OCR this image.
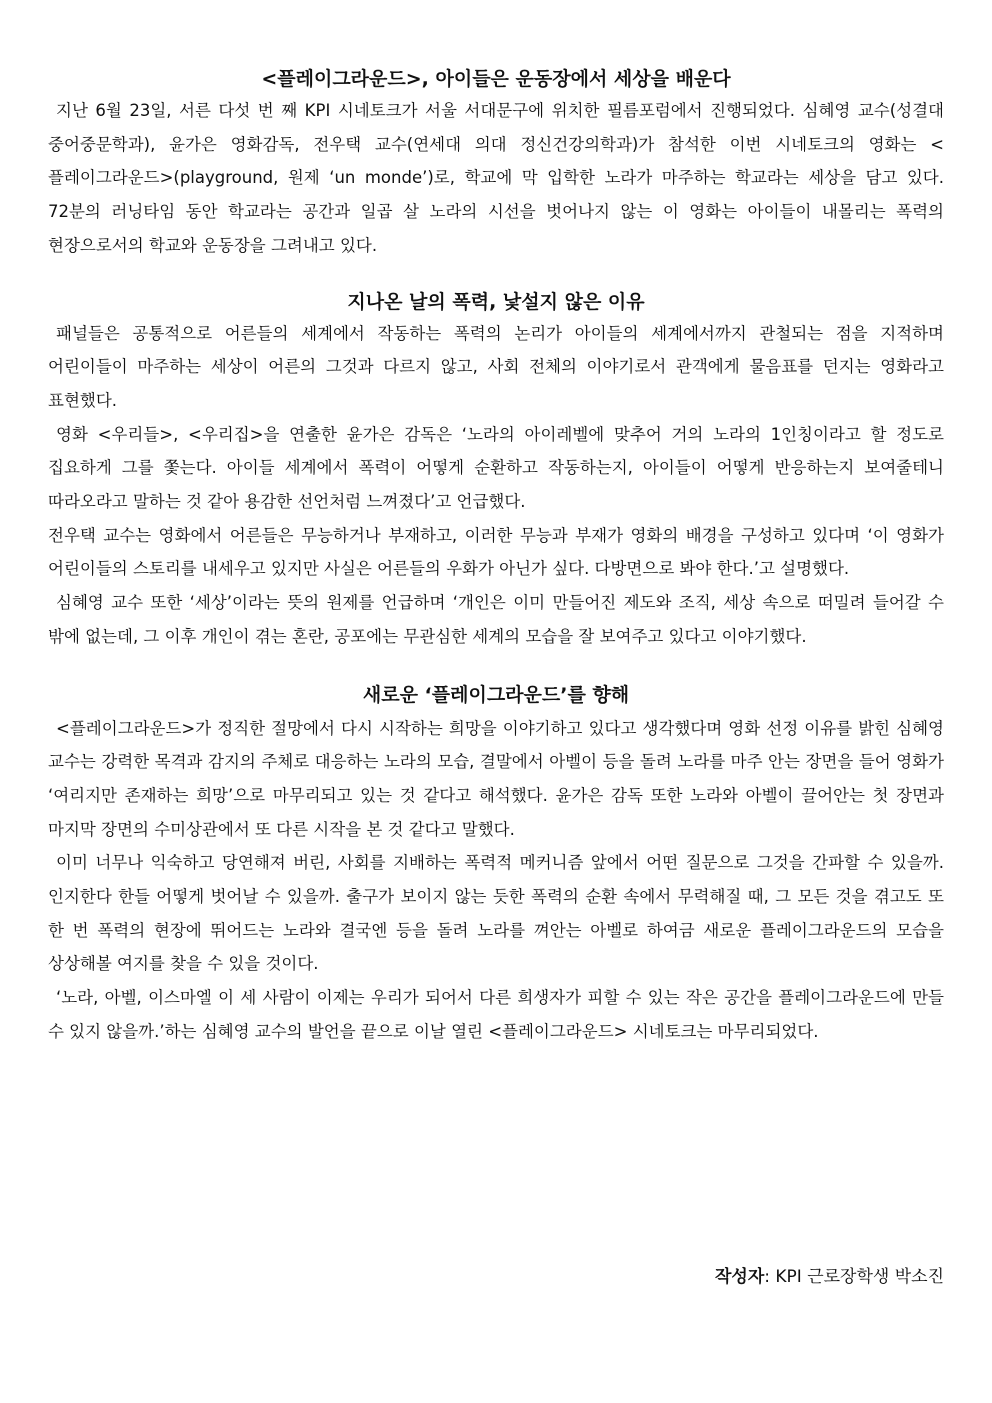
<플레이그라운드>, 아이들은 운동장에서 세상을 배운다

지난 6월 23일, 서른 다섯 번 째 KPI 시네토크가 서울 서대문구에 위치한 필름포럼에서 진행되었다. 심혜영 교수(성결대 중어중문학과), 윤가은 영화감독, 전우택 교수(연세대 의대 정신건강의학과)가 참석한 이번 시네토크의 영화는 <플레이그라운드>(playground, 원제 ‘un monde’)로, 학교에 막 입학한 노라가 마주하는 학교라는 세상을 담고 있다. 72분의 러닝타임 동안 학교라는 공간과 일곱 살 노라의 시선을 벗어나지 않는 이 영화는 아이들이 내몰리는 폭력의 현장으로서의 학교와 운동장을 그려내고 있다.

지나온 날의 폭력, 낯설지 않은 이유

패널들은 공통적으로 어른들의 세계에서 작동하는 폭력의 논리가 아이들의 세계에서까지 관철되는 점을 지적하며 어린이들이 마주하는 세상이 어른의 그것과 다르지 않고, 사회 전체의 이야기로서 관객에게 물음표를 던지는 영화라고 표현했다.

영화 <우리들>, <우리집>을 연출한 윤가은 감독은 ‘노라의 아이레벨에 맞추어 거의 노라의 1인칭이라고 할 정도로 집요하게 그를 쫓는다. 아이들 세계에서 폭력이 어떻게 순환하고 작동하는지, 아이들이 어떻게 반응하는지 보여줄테니 따라오라고 말하는 것 같아 용감한 선언처럼 느껴졌다’고 언급했다.

전우택 교수는 영화에서 어른들은 무능하거나 부재하고, 이러한 무능과 부재가 영화의 배경을 구성하고 있다며 ‘이 영화가 어린이들의 스토리를 내세우고 있지만 사실은 어른들의 우화가 아닌가 싶다. 다방면으로 봐야 한다.’고 설명했다.

심혜영 교수 또한 ‘세상’이라는 뜻의 원제를 언급하며 ‘개인은 이미 만들어진 제도와 조직, 세상 속으로 떠밀려 들어갈 수 밖에 없는데, 그 이후 개인이 겪는 혼란, 공포에는 무관심한 세계의 모습을 잘 보여주고 있다고 이야기했다.

새로운 ‘플레이그라운드’를 향해

<플레이그라운드>가 정직한 절망에서 다시 시작하는 희망을 이야기하고 있다고 생각했다며 영화 선정 이유를 밝힌 심혜영 교수는 강력한 목격과 감지의 주체로 대응하는 노라의 모습, 결말에서 아벨이 등을 돌려 노라를 마주 안는 장면을 들어 영화가 ‘여리지만 존재하는 희망’으로 마무리되고 있는 것 같다고 해석했다. 윤가은 감독 또한 노라와 아벨이 끌어안는 첫 장면과 마지막 장면의 수미상관에서 또 다른 시작을 본 것 같다고 말했다.

이미 너무나 익숙하고 당연해져 버린, 사회를 지배하는 폭력적 메커니즘 앞에서 어떤 질문으로 그것을 간파할 수 있을까. 인지한다 한들 어떻게 벗어날 수 있을까. 출구가 보이지 않는 듯한 폭력의 순환 속에서 무력해질 때, 그 모든 것을 겪고도 또 한 번 폭력의 현장에 뛰어드는 노라와 결국엔 등을 돌려 노라를 껴안는 아벨로 하여금 새로운 플레이그라운드의 모습을 상상해볼 여지를 찾을 수 있을 것이다.

‘노라, 아벨, 이스마엘 이 세 사람이 이제는 우리가 되어서 다른 희생자가 피할 수 있는 작은 공간을 플레이그라운드에 만들 수 있지 않을까.’하는 심혜영 교수의 발언을 끝으로 이날 열린 <플레이그라운드> 시네토크는 마무리되었다.

작성자: KPI 근로장학생 박소진
